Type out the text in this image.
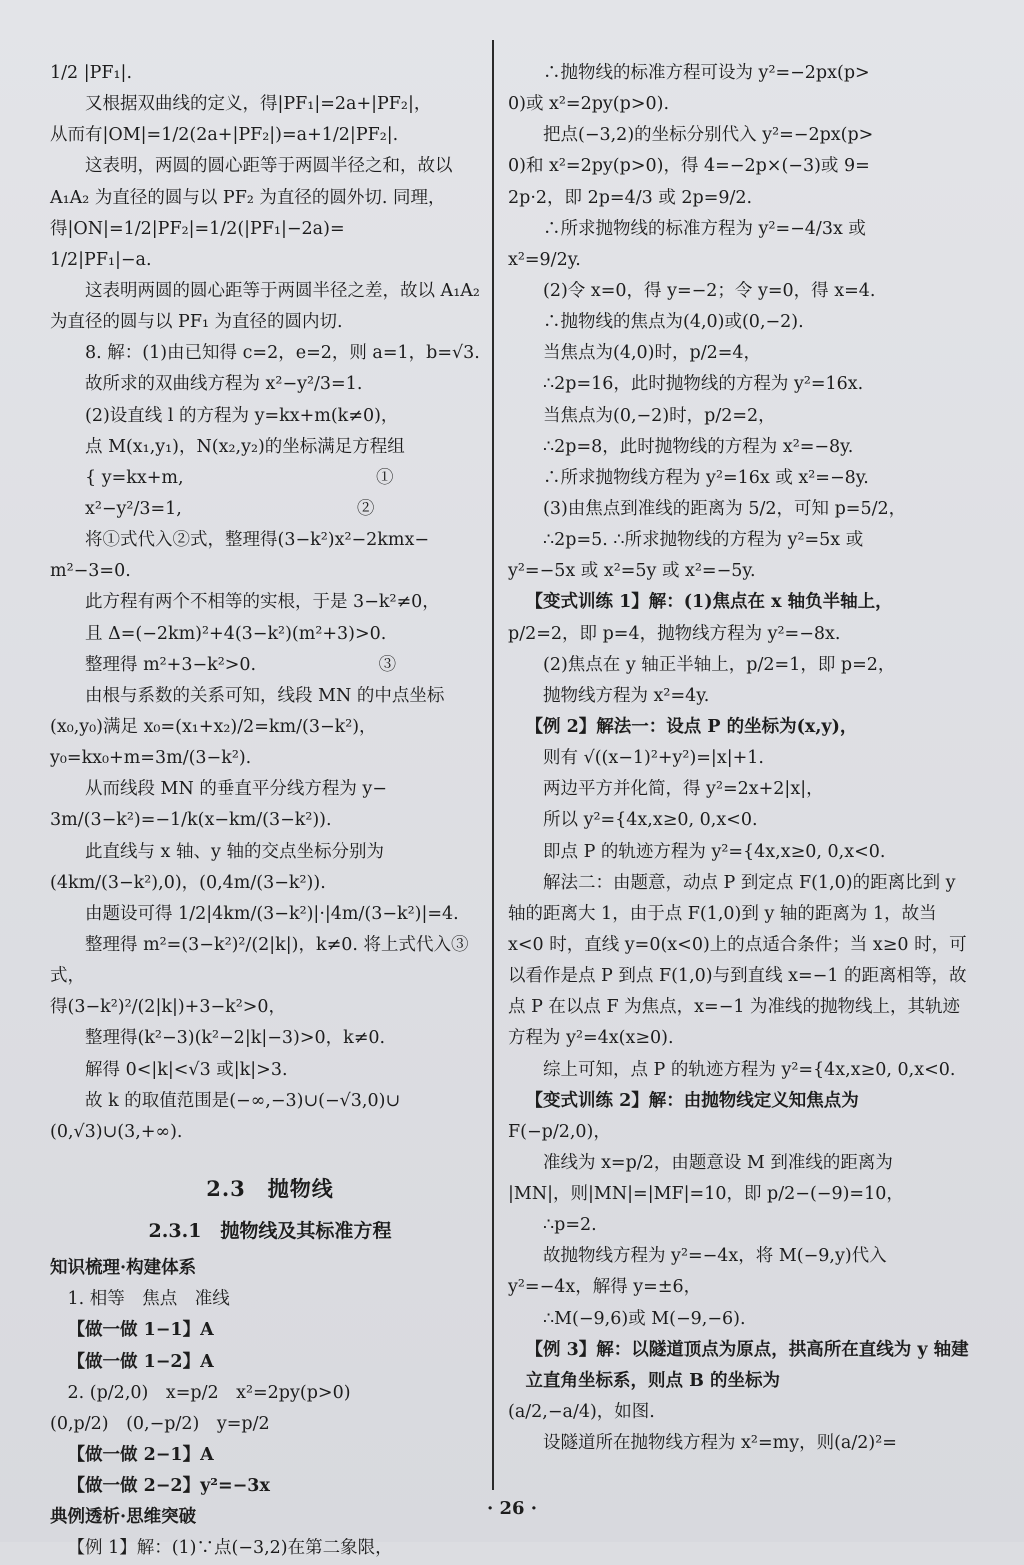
1/2 |PF₁|.

又根据双曲线的定义，得|PF₁|=2a+|PF₂|，

从而有|OM|=1/2(2a+|PF₂|)=a+1/2|PF₂|.

这表明，两圆的圆心距等于两圆半径之和，故以 A₁A₂ 为直径的圆与以 PF₂ 为直径的圆外切. 同理，得|ON|=1/2|PF₂|=1/2(|PF₁|−2a)=

1/2|PF₁|−a.

这表明两圆的圆心距等于两圆半径之差，故以 A₁A₂ 为直径的圆与以 PF₁ 为直径的圆内切.

8. 解：(1)由已知得 c=2，e=2，则 a=1，b=√3.

故所求的双曲线方程为 x²−y²/3=1.

(2)设直线 l 的方程为 y=kx+m(k≠0)，

点 M(x₁,y₁)，N(x₂,y₂)的坐标满足方程组

{ y=kx+m,　　　　　　　　　　　①

x²−y²/3=1,　　　　　　　　　　②

将①式代入②式，整理得(3−k²)x²−2kmx−

m²−3=0.

此方程有两个不相等的实根，于是 3−k²≠0，

且 Δ=(−2km)²+4(3−k²)(m²+3)>0.

整理得 m²+3−k²>0.　　　　　　　③

由根与系数的关系可知，线段 MN 的中点坐标

(x₀,y₀)满足 x₀=(x₁+x₂)/2=km/(3−k²)，y₀=kx₀+m=3m/(3−k²).

从而线段 MN 的垂直平分线方程为 y−

3m/(3−k²)=−1/k(x−km/(3−k²)).

此直线与 x 轴、y 轴的交点坐标分别为

(4km/(3−k²),0)，(0,4m/(3−k²)).

由题设可得 1/2|4km/(3−k²)|·|4m/(3−k²)|=4.

整理得 m²=(3−k²)²/(2|k|)，k≠0. 将上式代入③式，

得(3−k²)²/(2|k|)+3−k²>0，

整理得(k²−3)(k²−2|k|−3)>0，k≠0.

解得 0<|k|<√3 或|k|>3.

故 k 的取值范围是(−∞,−3)∪(−√3,0)∪

(0,√3)∪(3,+∞).

2.3　抛物线
2.3.1　抛物线及其标准方程

知识梳理·构建体系

1. 相等　焦点　准线

【做一做 1−1】A

【做一做 1−2】A

2. (p/2,0)　x=p/2　x²=2py(p>0)

(0,p/2)　(0,−p/2)　y=p/2

【做一做 2−1】A

【做一做 2−2】y²=−3x

典例透析·思维突破

【例 1】解：(1)∵点(−3,2)在第二象限，

∴抛物线的标准方程可设为 y²=−2px(p>

0)或 x²=2py(p>0).

把点(−3,2)的坐标分别代入 y²=−2px(p>

0)和 x²=2py(p>0)，得 4=−2p×(−3)或 9=

2p·2，即 2p=4/3 或 2p=9/2.

∴所求抛物线的标准方程为 y²=−4/3x 或

x²=9/2y.

(2)令 x=0，得 y=−2；令 y=0，得 x=4.

∴抛物线的焦点为(4,0)或(0,−2).

当焦点为(4,0)时，p/2=4，

∴2p=16，此时抛物线的方程为 y²=16x.

当焦点为(0,−2)时，p/2=2，

∴2p=8，此时抛物线的方程为 x²=−8y.

∴所求抛物线方程为 y²=16x 或 x²=−8y.

(3)由焦点到准线的距离为 5/2，可知 p=5/2，

∴2p=5. ∴所求抛物线的方程为 y²=5x 或

y²=−5x 或 x²=5y 或 x²=−5y.

【变式训练 1】解：(1)焦点在 x 轴负半轴上，

p/2=2，即 p=4，抛物线方程为 y²=−8x.

(2)焦点在 y 轴正半轴上，p/2=1，即 p=2，

抛物线方程为 x²=4y.

【例 2】解法一：设点 P 的坐标为(x,y)，

则有 √((x−1)²+y²)=|x|+1.

两边平方并化简，得 y²=2x+2|x|，

所以 y²={4x,x≥0, 0,x<0.

即点 P 的轨迹方程为 y²={4x,x≥0, 0,x<0.

解法二：由题意，动点 P 到定点 F(1,0)的距离比到 y 轴的距离大 1，由于点 F(1,0)到 y 轴的距离为 1，故当 x<0 时，直线 y=0(x<0)上的点适合条件；当 x≥0 时，可以看作是点 P 到点 F(1,0)与到直线 x=−1 的距离相等，故点 P 在以点 F 为焦点，x=−1 为准线的抛物线上，其轨迹方程为 y²=4x(x≥0).

综上可知，点 P 的轨迹方程为 y²={4x,x≥0, 0,x<0.

【变式训练 2】解：由抛物线定义知焦点为

F(−p/2,0)，

准线为 x=p/2，由题意设 M 到准线的距离为

|MN|，则|MN|=|MF|=10，即 p/2−(−9)=10，

∴p=2.

故抛物线方程为 y²=−4x，将 M(−9,y)代入

y²=−4x，解得 y=±6，

∴M(−9,6)或 M(−9,−6).

【例 3】解：以隧道顶点为原点，拱高所在直线为 y 轴建立直角坐标系，则点 B 的坐标为

(a/2,−a/4)，如图.

设隧道所在抛物线方程为 x²=my，则(a/2)²=

· 26 ·
